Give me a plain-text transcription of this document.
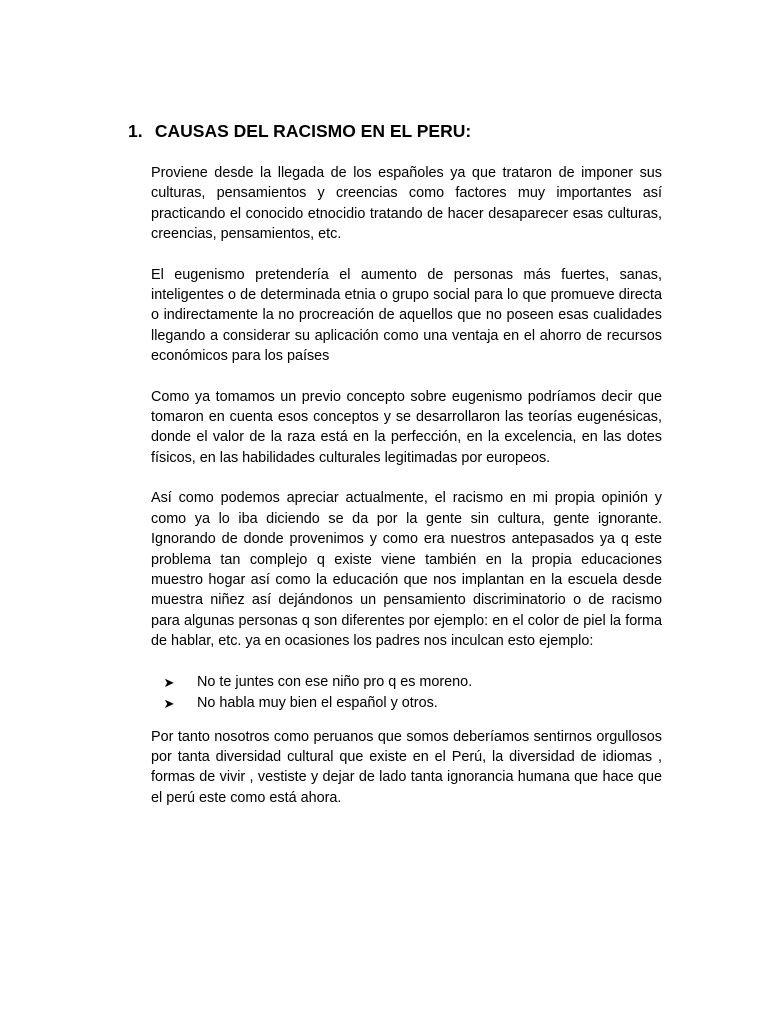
1. CAUSAS DEL RACISMO EN EL PERU:

Proviene desde la llegada de los españoles ya que trataron de imponer sus culturas, pensamientos y creencias como factores muy importantes así practicando el conocido etnocidio tratando de hacer desaparecer esas culturas, creencias, pensamientos, etc.

El eugenismo pretendería el aumento de personas más fuertes, sanas, inteligentes o de determinada etnia o grupo social para lo que promueve directa o indirectamente la no procreación de aquellos que no poseen esas cualidades llegando a considerar su aplicación como una ventaja en el ahorro de recursos económicos para los países

Como ya tomamos un previo concepto sobre eugenismo podríamos decir que tomaron en cuenta esos conceptos y se desarrollaron las teorías eugenésicas, donde el valor de la raza está en la perfección, en la excelencia, en las dotes físicos, en las habilidades culturales legitimadas por europeos.

Así como podemos apreciar actualmente, el racismo en mi propia opinión y como ya lo iba diciendo se da por la gente sin cultura, gente ignorante. Ignorando de donde provenimos y como era nuestros antepasados ya q este problema tan complejo q existe viene también en la propia educaciones muestro hogar así como la educación que nos implantan en la escuela desde muestra niñez así dejándonos un pensamiento discriminatorio o de racismo para algunas personas q son diferentes por ejemplo: en el color de piel la forma de hablar, etc. ya en ocasiones los padres nos inculcan esto ejemplo:

➤ No te juntes con ese niño pro q es moreno.
➤ No habla muy bien el español y otros.

Por tanto nosotros como peruanos que somos deberíamos sentirnos orgullosos por tanta diversidad cultural que existe en el Perú, la diversidad de idiomas , formas de vivir , vestiste y dejar de lado tanta ignorancia humana que hace que el perú este como está ahora.
